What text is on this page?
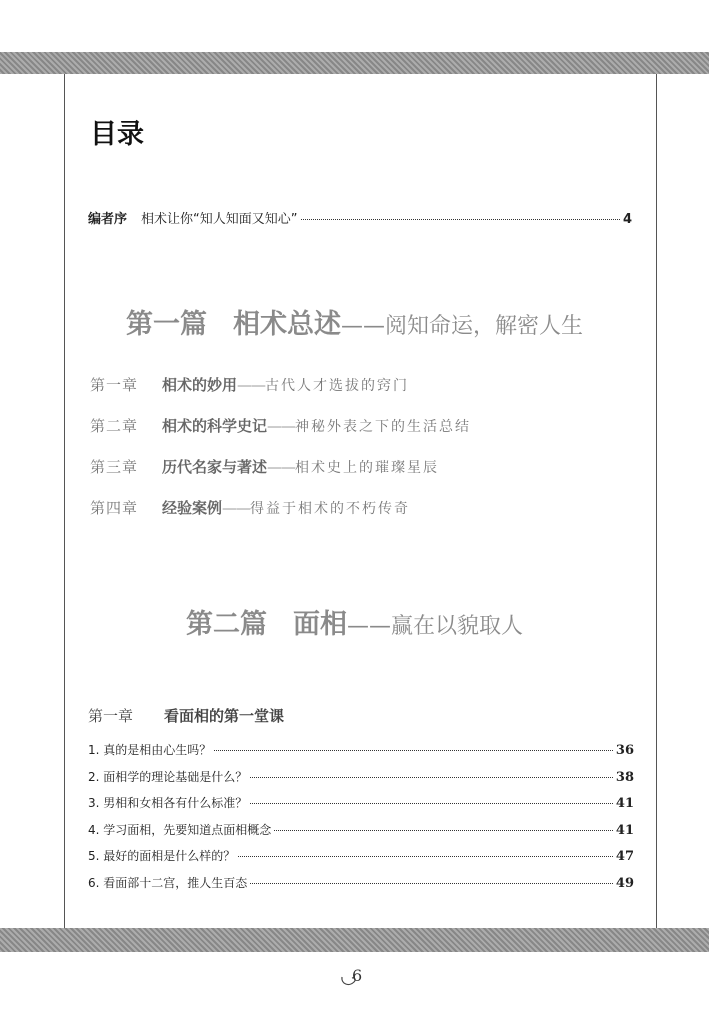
目录
编者序 相术让你“知人知面又知心”	4
第一篇 相术总述——阅知命运，解密人生
第一章 相术的妙用——古代人才选拔的窍门
第二章 相术的科学史记——神秘外表之下的生活总结
第三章 历代名家与著述——相术史上的璀璨星辰
第四章 经验案例——得益于相术的不朽传奇
第二篇 面相——赢在以貌取人
第一章 看面相的第一堂课
1. 真的是相由心生吗？	36
2. 面相学的理论基础是什么？	38
3. 男相和女相各有什么标准？	41
4. 学习面相，先要知道点面相概念	41
5. 最好的面相是什么样的？	47
6. 看面部十二宫，推人生百态	49
6
